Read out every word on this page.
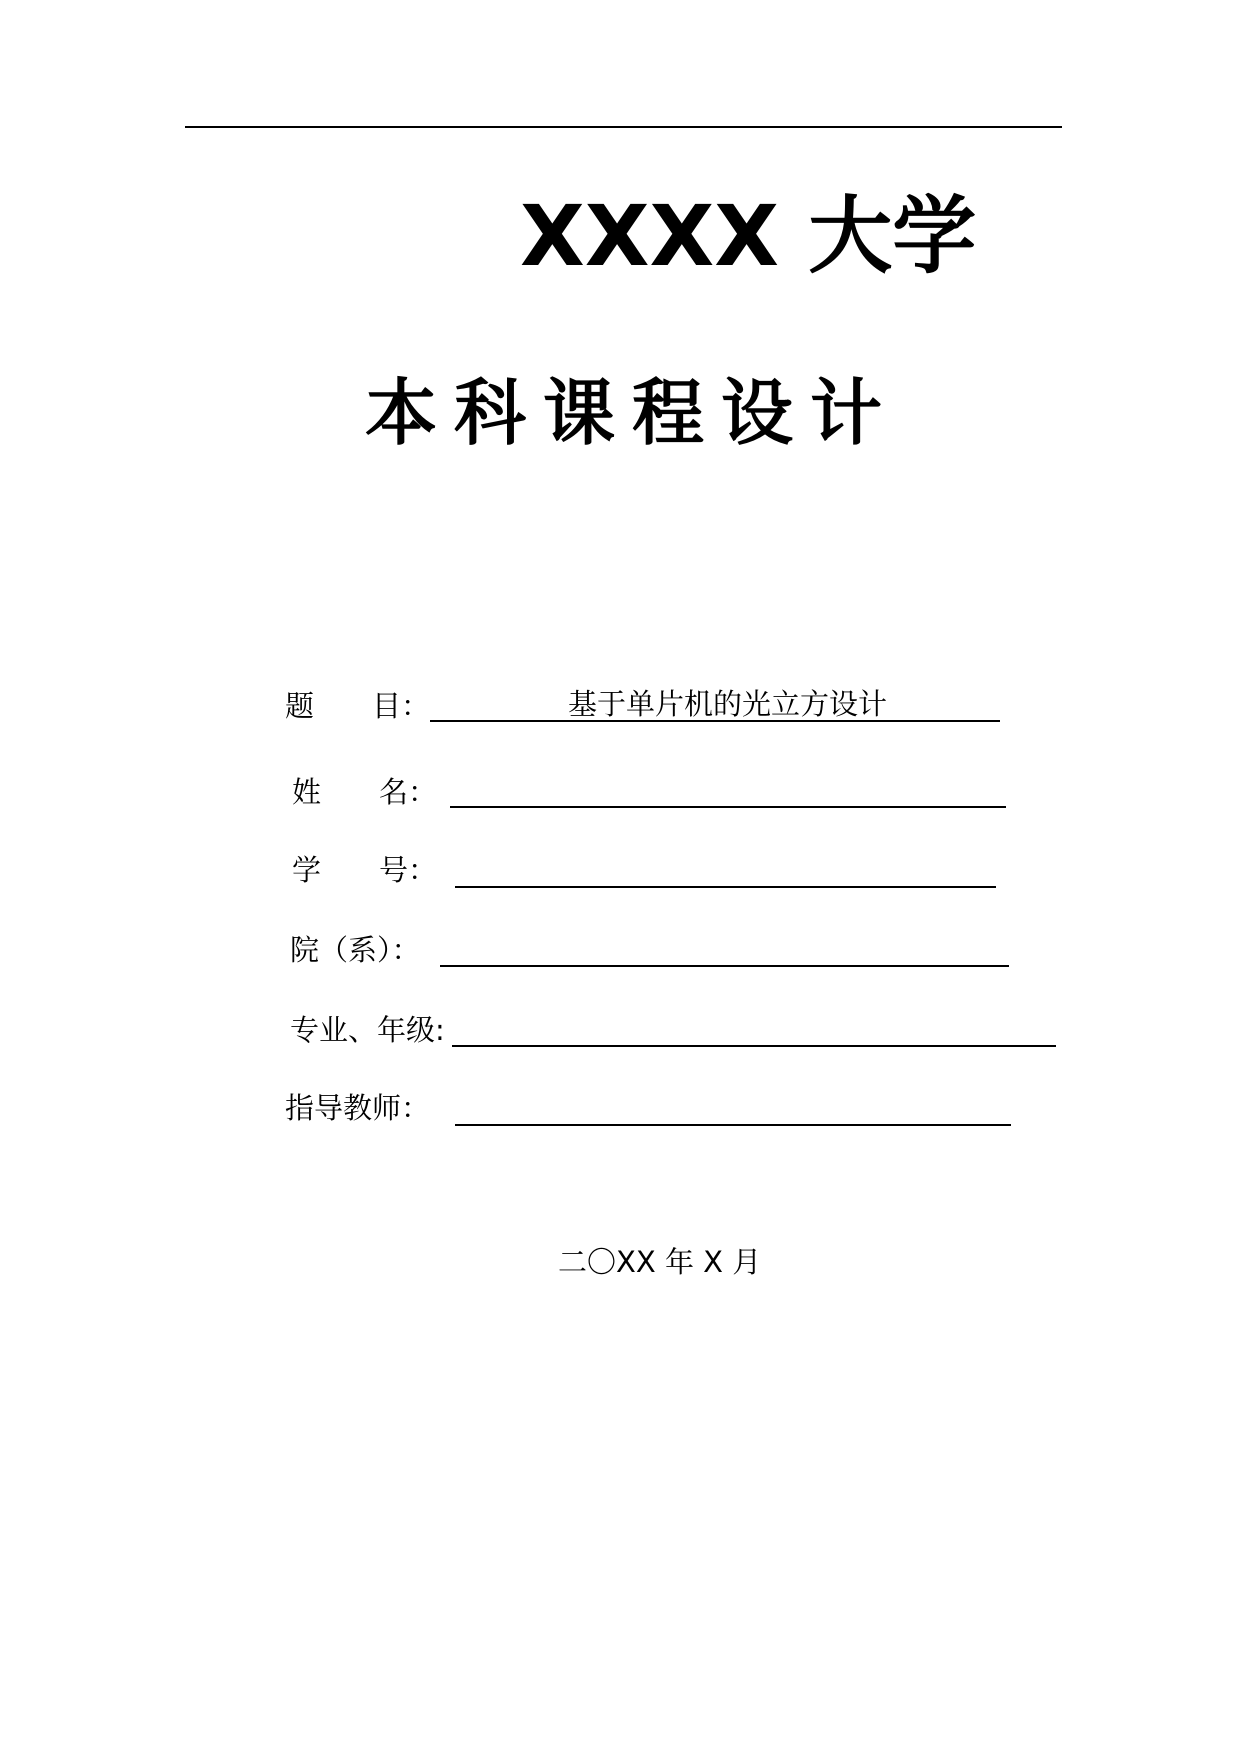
XXXX 大学
本科课程设计
题　　目：	基于单片机的光立方设计
姓　　名：
学　　号：
院（系）：
专业、年级:
指导教师：
二〇XX 年 X 月
